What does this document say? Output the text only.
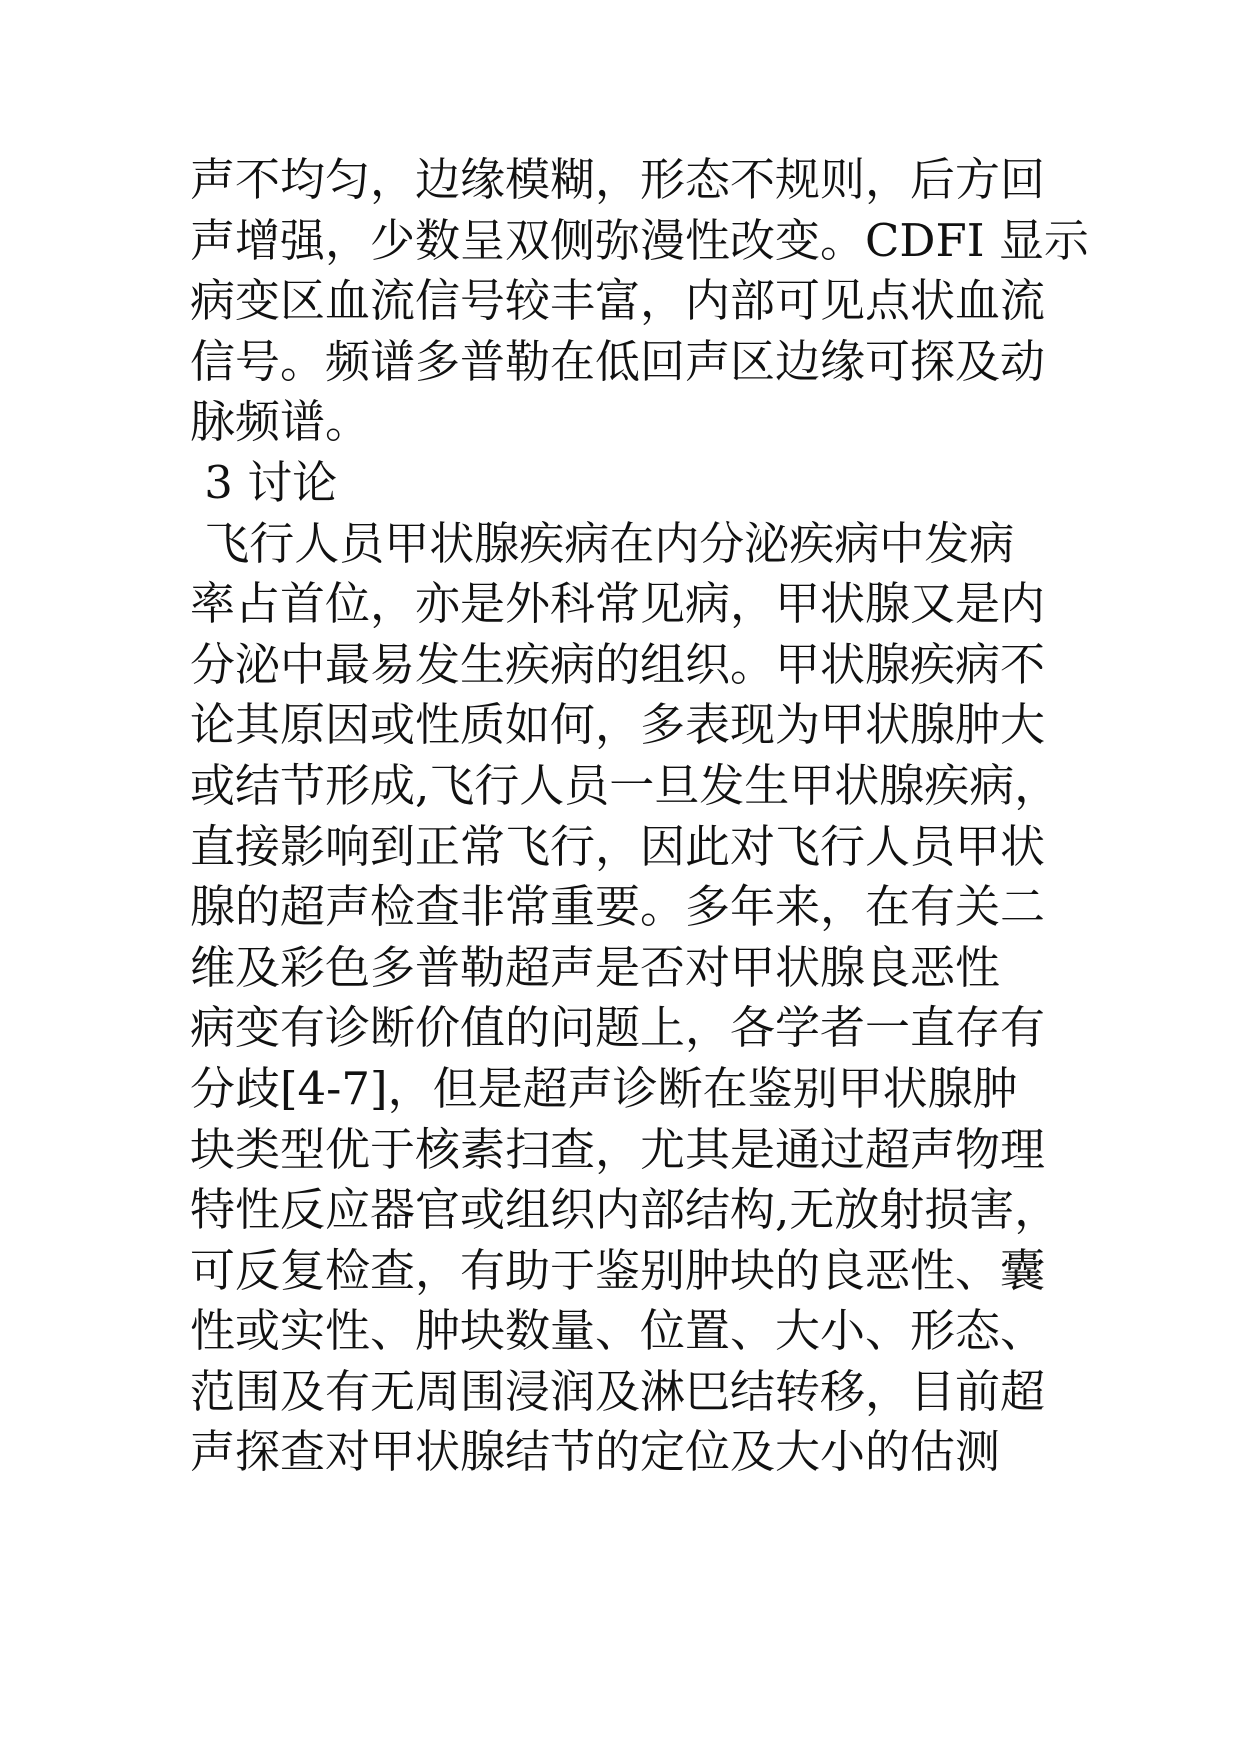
声不均匀，边缘模糊，形态不规则，后方回
声增强，少数呈双侧弥漫性改变。CDFI 显示
病变区血流信号较丰富，内部可见点状血流
信号。频谱多普勒在低回声区边缘可探及动
脉频谱。
3 讨论
飞行人员甲状腺疾病在内分泌疾病中发病
率占首位，亦是外科常见病，甲状腺又是内
分泌中最易发生疾病的组织。甲状腺疾病不
论其原因或性质如何，多表现为甲状腺肿大
或结节形成,飞行人员一旦发生甲状腺疾病，
直接影响到正常飞行，因此对飞行人员甲状
腺的超声检查非常重要。多年来，在有关二
维及彩色多普勒超声是否对甲状腺良恶性
病变有诊断价值的问题上，各学者一直存有
分歧[4-7]，但是超声诊断在鉴别甲状腺肿
块类型优于核素扫查，尤其是通过超声物理
特性反应器官或组织内部结构,无放射损害，
可反复检查，有助于鉴别肿块的良恶性、囊
性或实性、肿块数量、位置、大小、形态、
范围及有无周围浸润及淋巴结转移，目前超
声探查对甲状腺结节的定位及大小的估测
